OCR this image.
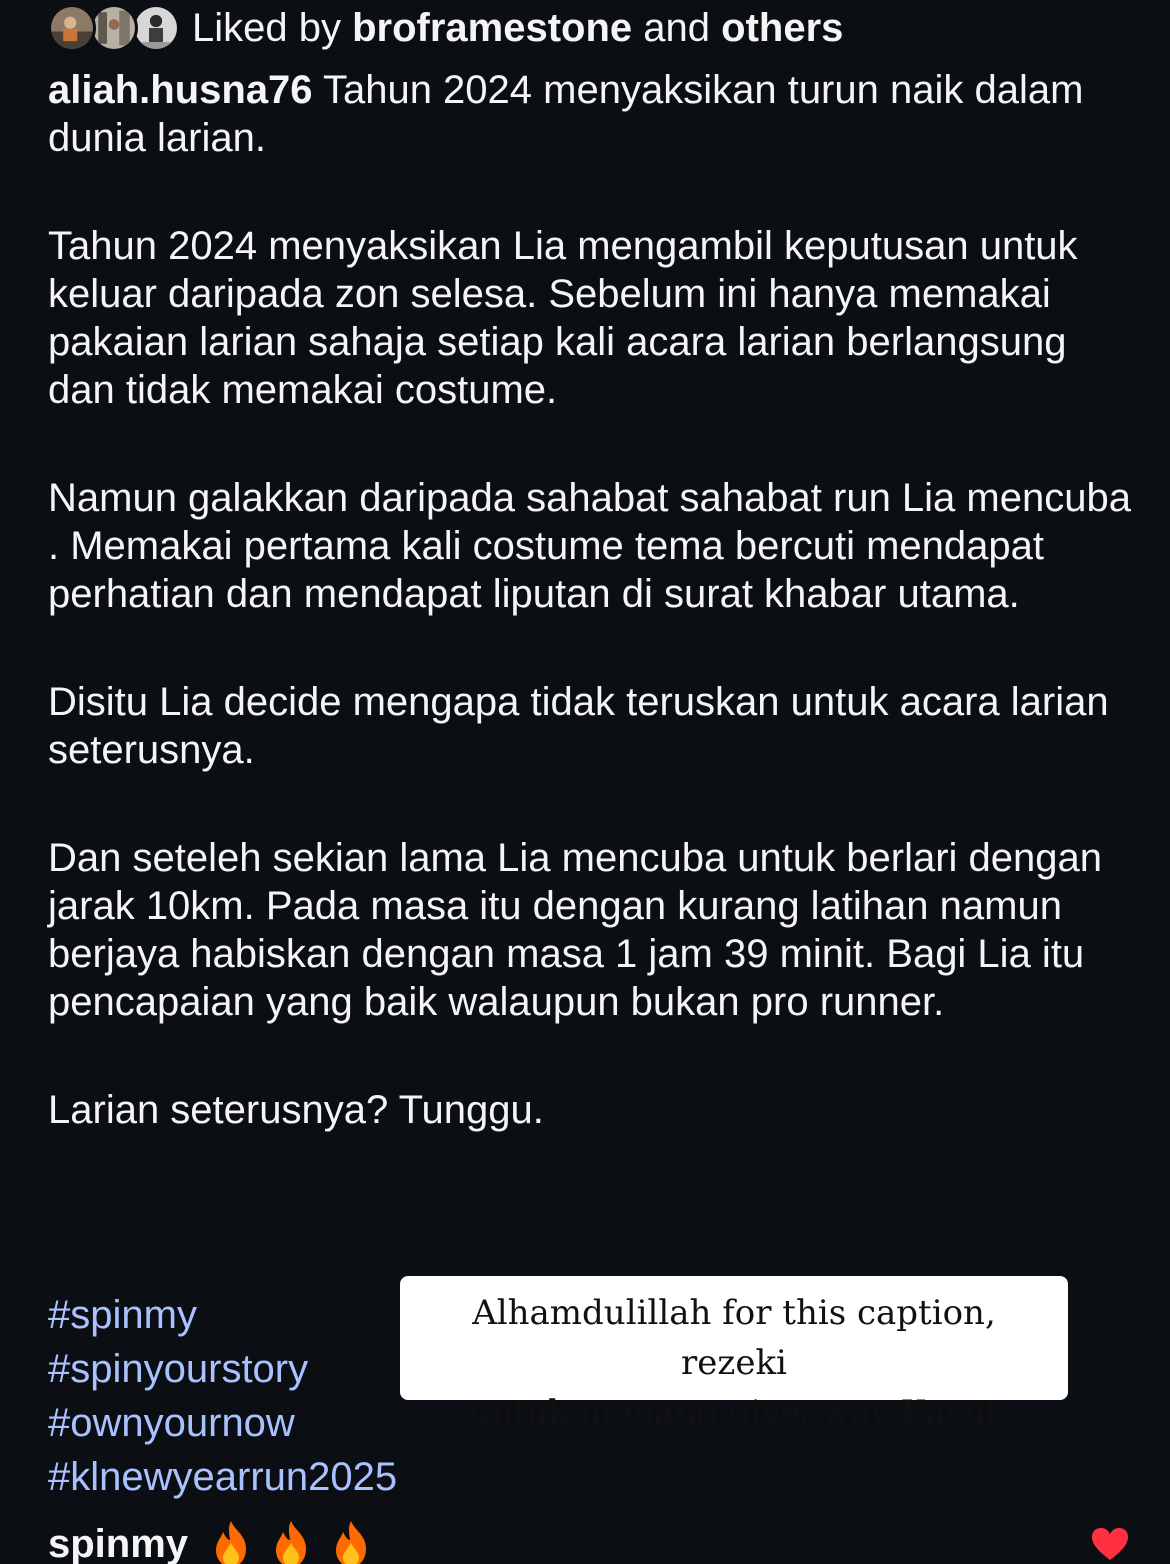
Liked by broframestone and others

aliah.husna76 Tahun 2024 menyaksikan turun naik dalam dunia larian.

Tahun 2024 menyaksikan Lia mengambil keputusan untuk keluar daripada zon selesa. Sebelum ini hanya memakai pakaian larian sahaja setiap kali acara larian berlangsung dan tidak memakai costume.

Namun galakkan daripada sahabat sahabat run Lia mencuba . Memakai pertama kali costume tema bercuti mendapat perhatian dan mendapat liputan di surat khabar utama.

Disitu Lia decide mengapa tidak teruskan untuk acara larian seterusnya.

Dan seteleh sekian lama Lia mencuba untuk berlari dengan jarak 10km. Pada masa itu dengan kurang latihan namun berjaya habiskan dengan masa 1 jam 39 minit. Bagi Lia itu pencapaian yang baik walaupun bukan pro runner.

Larian seterusnya? Tunggu.

#spinmy
#spinyourstory
#ownyournow
#klnewyearrun2025
Alhamdulillah for this caption, rezeki
untuk menang giveaway Kasut
spinmy
